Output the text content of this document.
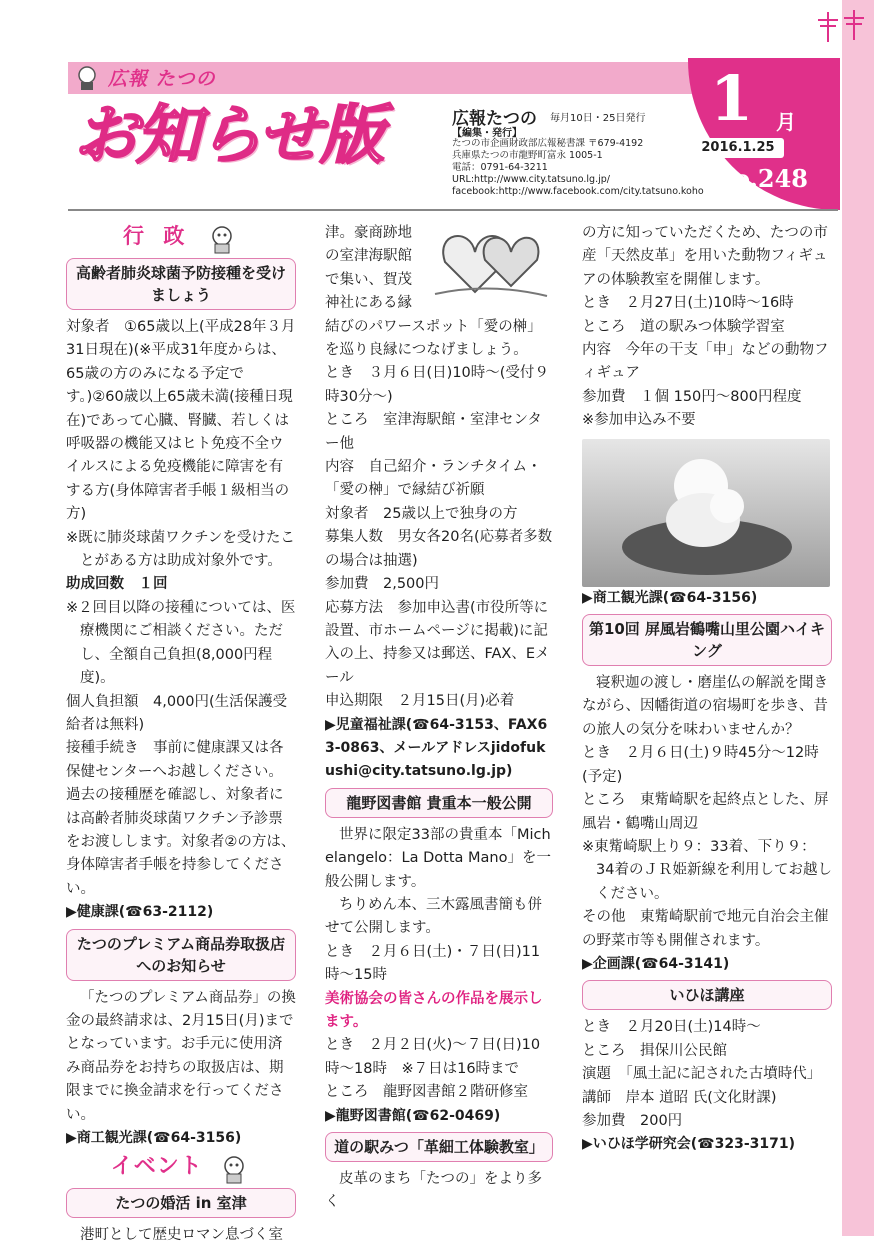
広報 たつの
お知らせ版	広報たつの 毎月10日・25日発行
【編集・発行】
たつの市企画財政部広報秘書課 〒679-4192
兵庫県たつの市龍野町富永 1005-1
電話：0791-64-3211
URL:http://www.city.tatsuno.lg.jp/
facebook:http://www.facebook.com/city.tatsuno.koho
1 月
2016.1.25
No.248
行 政
高齢者肺炎球菌予防接種を受けましょう

対象者　①65歳以上(平成28年３月31日現在)(※平成31年度からは、65歳の方のみになる予定です。)②60歳以上65歳未満(接種日現在)であって心臓、腎臓、若しくは呼吸器の機能又はヒト免疫不全ウイルスによる免疫機能に障害を有する方(身体障害者手帳１級相当の方)

※既に肺炎球菌ワクチンを受けたことがある方は助成対象外です。

助成回数　１回

※２回目以降の接種については、医療機関にご相談ください。ただし、全額自己負担(8,000円程度)。

個人負担額　4,000円(生活保護受給者は無料)

接種手続き　事前に健康課又は各保健センターへお越しください。過去の接種歴を確認し、対象者には高齢者肺炎球菌ワクチン予診票をお渡しします。対象者②の方は、身体障害者手帳を持参してください。

▶健康課(☎63-2112)

たつのプレミアム商品券取扱店へのお知らせ

「たつのプレミアム商品券」の換金の最終請求は、2月15日(月)までとなっています。お手元に使用済み商品券をお持ちの取扱店は、期限までに換金請求を行ってください。

▶商工観光課(☎64-3156)

イベント
たつの婚活 in 室津

港町として歴史ロマン息づく室

津。豪商跡地の室津海駅館で集い、賀茂神社にある縁結びのパワースポット「愛の榊」を巡り良縁につなげましょう。

とき　３月６日(日)10時～(受付９時30分～)

ところ　室津海駅館・室津センター他

内容　自己紹介・ランチタイム・「愛の榊」で縁結び祈願

対象者　25歳以上で独身の方

募集人数　男女各20名(応募者多数の場合は抽選)

参加費　2,500円

応募方法　参加申込書(市役所等に設置、市ホームページに掲載)に記入の上、持参又は郵送、FAX、Eメール

申込期限　２月15日(月)必着

▶児童福祉課(☎64-3153、FAX63-0863、メールアドレスjidofukushi@city.tatsuno.lg.jp)

龍野図書館 貴重本一般公開

世界に限定33部の貴重本「Michelangelo：La Dotta Mano」を一般公開します。

ちりめん本、三木露風書簡も併せて公開します。

とき　２月６日(土)・７日(日)11時～15時

美術協会の皆さんの作品を展示します。

とき　２月２日(火)～７日(日)10時～18時　※７日は16時まで

ところ　龍野図書館２階研修室

▶龍野図書館(☎62-0469)

道の駅みつ「革細工体験教室」

皮革のまち「たつの」をより多く

の方に知っていただくため、たつの市産「天然皮革」を用いた動物フィギュアの体験教室を開催します。

とき　２月27日(土)10時～16時

ところ　道の駅みつ体験学習室

内容　今年の干支「申」などの動物フィギュア

参加費　１個 150円～800円程度

※参加申込み不要

▶商工観光課(☎64-3156)

第10回 屏風岩鶴嘴山里公園ハイキング

寝釈迦の渡し・磨崖仏の解説を聞きながら、因幡街道の宿場町を歩き、昔の旅人の気分を味わいませんか？

とき　２月６日(土)９時45分～12時(予定)

ところ　東觜崎駅を起終点とした、屏風岩・鶴嘴山周辺

※東觜崎駅上り９：33着、下り９：34着のＪＲ姫新線を利用してお越しください。

その他　東觜崎駅前で地元自治会主催の野菜市等も開催されます。

▶企画課(☎64-3141)

いひほ講座

とき　２月20日(土)14時～

ところ　揖保川公民館

演題　「風土記に記された古墳時代」

講師　岸本 道昭 氏(文化財課)

参加費　200円

▶いひほ学研究会(☎323-3171)
